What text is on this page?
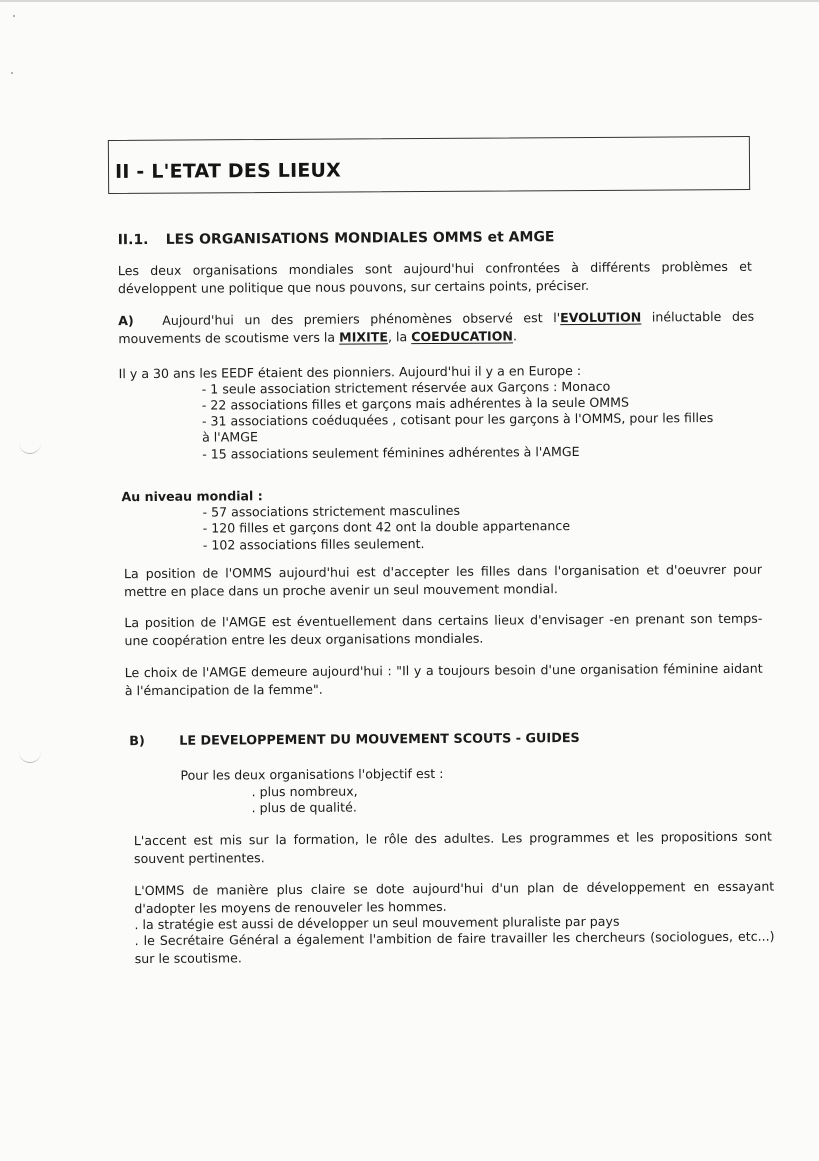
II - L'ETAT DES LIEUX
II.1. LES ORGANISATIONS MONDIALES OMMS et AMGE
Les deux organisations mondiales sont aujourd'hui confrontées à différents problèmes et développent une politique que nous pouvons, sur certains points, préciser.
A) Aujourd'hui un des premiers phénomènes observé est l'EVOLUTION inéluctable des mouvements de scoutisme vers la MIXITE, la COEDUCATION.
Il y a 30 ans les EEDF étaient des pionniers. Aujourd'hui il y a en Europe :
- 1 seule association strictement réservée aux Garçons : Monaco
- 22 associations filles et garçons mais adhérentes à la seule OMMS
- 31 associations coéduquées , cotisant pour les garçons à l'OMMS, pour les filles
à l'AMGE
- 15 associations seulement féminines adhérentes à l'AMGE
Au niveau mondial :
- 57 associations strictement masculines
- 120 filles et garçons dont 42 ont la double appartenance
- 102 associations filles seulement.
La position de l'OMMS aujourd'hui est d'accepter les filles dans l'organisation et d'oeuvrer pour mettre en place dans un proche avenir un seul mouvement mondial.
La position de l'AMGE est éventuellement dans certains lieux d'envisager -en prenant son temps- une coopération entre les deux organisations mondiales.
Le choix de l'AMGE demeure aujourd'hui : "Il y a toujours besoin d'une organisation féminine aidant à l'émancipation de la femme".
B)	LE DEVELOPPEMENT DU MOUVEMENT SCOUTS - GUIDES
Pour les deux organisations l'objectif est :
. plus nombreux,
. plus de qualité.
L'accent est mis sur la formation, le rôle des adultes. Les programmes et les propositions sont souvent pertinentes.
L'OMMS de manière plus claire se dote aujourd'hui d'un plan de développement en essayant d'adopter les moyens de renouveler les hommes.
. la stratégie est aussi de développer un seul mouvement pluraliste par pays
. le Secrétaire Général a également l'ambition de faire travailler les chercheurs (sociologues, etc...) sur le scoutisme.
